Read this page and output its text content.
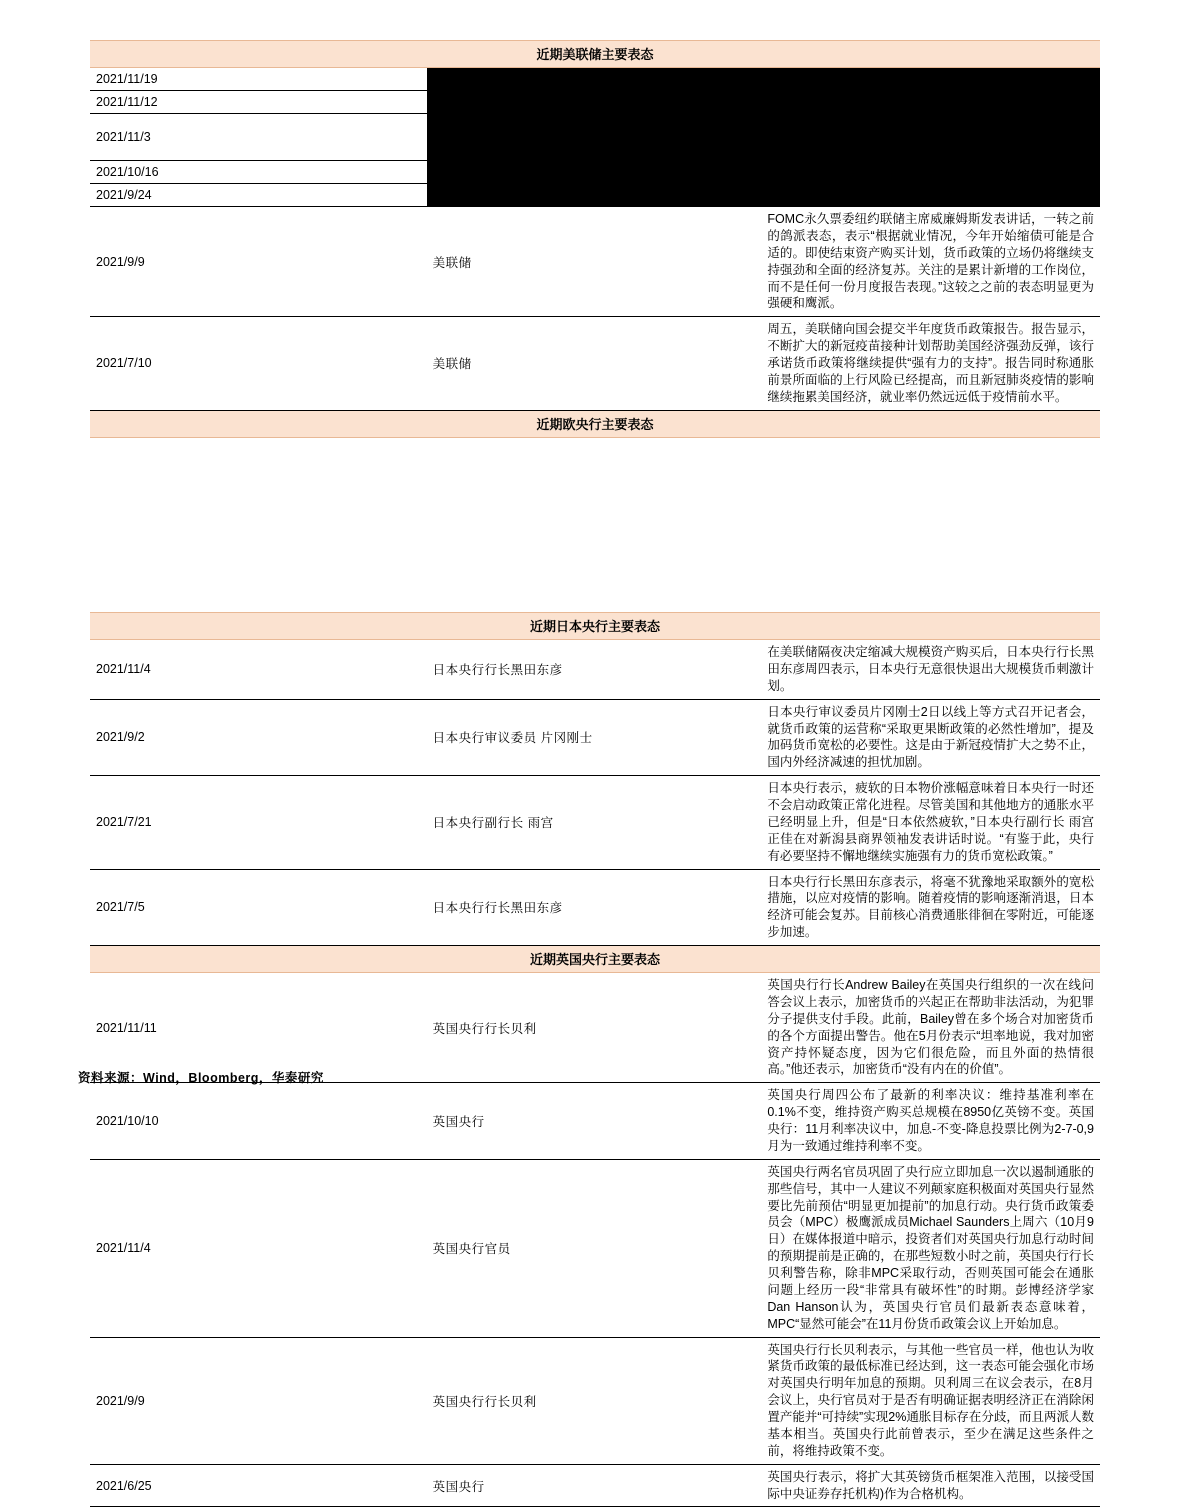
近期美联储主要表态		
2021/11/19		
2021/11/12		
2021/11/3		
2021/10/16		
2021/9/24		
2021/9/9	美联储	FOMC永久票委纽约联储主席威廉姆斯发表讲话，一转之前的鸽派表态，表示“根据就业情况，今年开始缩债可能是合适的。即使结束资产购买计划，货币政策的立场仍将继续支持强劲和全面的经济复苏。关注的是累计新增的工作岗位，而不是任何一份月度报告表现。”这较之之前的表态明显更为强硬和鹰派。
2021/7/10	美联储	周五，美联储向国会提交半年度货币政策报告。报告显示，不断扩大的新冠疫苗接种计划帮助美国经济强劲反弹，该行承诺货币政策将继续提供“强有力的支持”。报告同时称通胀前景所面临的上行风险已经提高，而且新冠肺炎疫情的影响继续拖累美国经济，就业率仍然远远低于疫情前水平。
近期欧央行主要表态		
近期日本央行主要表态		
2021/11/4	日本央行行长黑田东彦	在美联储隔夜决定缩减大规模资产购买后，日本央行行长黑田东彦周四表示，日本央行无意很快退出大规模货币刺激计划。
2021/9/2	日本央行审议委员 片冈刚士	日本央行审议委员片冈刚士2日以线上等方式召开记者会，就货币政策的运营称“采取更果断政策的必然性增加”，提及加码货币宽松的必要性。这是由于新冠疫情扩大之势不止，国内外经济减速的担忧加剧。
2021/7/21	日本央行副行长 雨宫	日本央行表示，疲软的日本物价涨幅意味着日本央行一时还不会启动政策正常化进程。尽管美国和其他地方的通胀水平已经明显上升，但是“日本依然疲软，”日本央行副行长 雨宫正佳在对新潟县商界领袖发表讲话时说。“有鉴于此，央行有必要坚持不懈地继续实施强有力的货币宽松政策。”
2021/7/5	日本央行行长黑田东彦	日本央行行长黑田东彦表示，将毫不犹豫地采取额外的宽松措施，以应对疫情的影响。随着疫情的影响逐渐消退，日本经济可能会复苏。目前核心消费通胀徘徊在零附近，可能逐步加速。
近期英国央行主要表态		
2021/11/11	英国央行行长贝利	英国央行行长Andrew Bailey在英国央行组织的一次在线问答会议上表示，加密货币的兴起正在帮助非法活动，为犯罪分子提供支付手段。此前，Bailey曾在多个场合对加密货币的各个方面提出警告。他在5月份表示“坦率地说，我对加密资产持怀疑态度，因为它们很危险，而且外面的热情很高。”他还表示，加密货币“没有内在的价值”。
2021/10/10	英国央行	英国央行周四公布了最新的利率决议：维持基准利率在0.1%不变，维持资产购买总规模在8950亿英镑不变。英国央行：11月利率决议中，加息-不变-降息投票比例为2-7-0,9月为一致通过维持利率不变。
2021/11/4	英国央行官员	英国央行两名官员巩固了央行应立即加息一次以遏制通胀的那些信号，其中一人建议不列颠家庭积极面对英国央行显然要比先前预估“明显更加提前”的加息行动。央行货币政策委员会（MPC）极鹰派成员Michael Saunders上周六（10月9日）在媒体报道中暗示，投资者们对英国央行加息行动时间的预期提前是正确的，在那些短数小时之前，英国央行行长贝利警告称，除非MPC采取行动，否则英国可能会在通胀问题上经历一段“非常具有破坏性”的时期。彭博经济学家Dan Hanson认为，英国央行官员们最新表态意味着，MPC“显然可能会”在11月份货币政策会议上开始加息。
2021/9/9	英国央行行长贝利	英国央行行长贝利表示，与其他一些官员一样，他也认为收紧货币政策的最低标准已经达到，这一表态可能会强化市场对英国央行明年加息的预期。贝利周三在议会表示，在8月会议上，央行官员对于是否有明确证据表明经济正在消除闲置产能并“可持续”实现2%通胀目标存在分歧，而且两派人数基本相当。英国央行此前曾表示，至少在满足这些条件之前，将维持政策不变。
2021/6/25	英国央行	英国央行表示，将扩大其英镑货币框架准入范围，以接受国际中央证券存托机构)作为合格机构。
资料来源：Wind，Bloomberg，华泰研究
